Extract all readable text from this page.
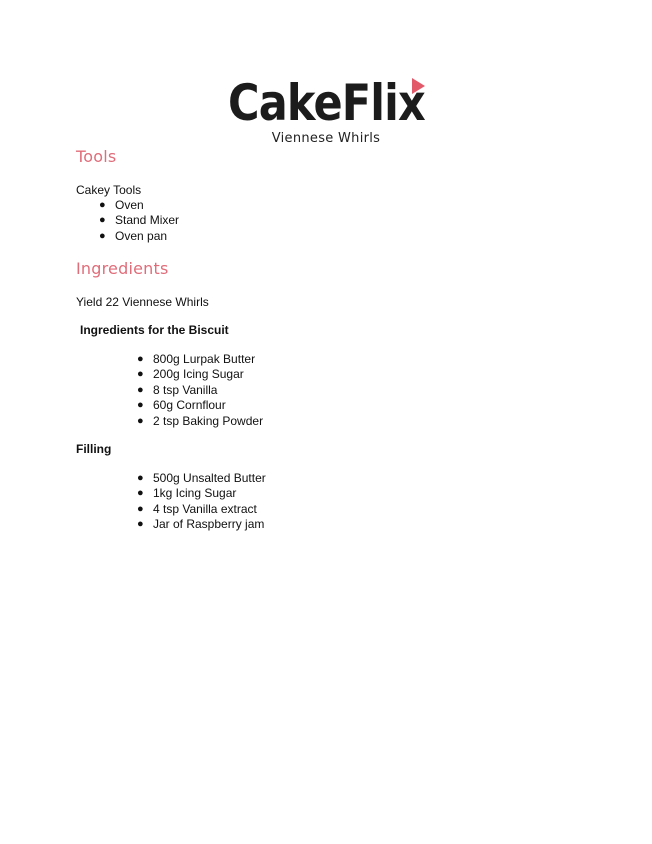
CakeFlix
Viennese Whirls
Tools
Cakey Tools
● Oven
● Stand Mixer
● Oven pan
Ingredients
Yield 22 Viennese Whirls
Ingredients for the Biscuit
● 800g Lurpak Butter
● 200g Icing Sugar
● 8 tsp Vanilla
● 60g Cornflour
● 2 tsp Baking Powder
Filling
● 500g Unsalted Butter
● 1kg Icing Sugar
● 4 tsp Vanilla extract
● Jar of Raspberry jam
